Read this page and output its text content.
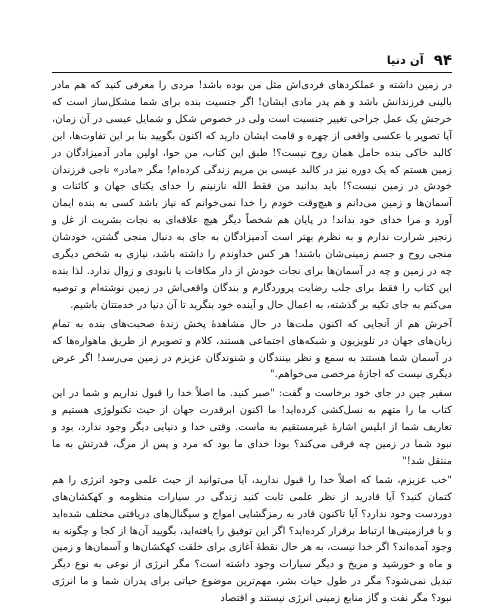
۹۴
آن دنیا

در زمین داشته و عملکردهای فردی‌اش مثل من بوده باشد! مردی را معرفی کنید که هم مادر بالینی فرزندانش باشد و هم پدر مادی ایشان! اگر جنسیت بنده برای شما مشکل‌ساز است که خرجش یک عمل جراحی تغییر جنسیت است ولی در خصوص شکل و شمایل عیسی در آن زمان، آیا تصویر یا عکسی واقعی از چهره و قامت ایشان دارید که اکنون بگویید بنا بر این تفاوت‌ها، این کالبد خاکی بنده حامل همان روح نیست؟! طبق این کتاب، من حوا، اولین مادر آدمیزادگان در زمین هستم که یک دوره نیز در کالبد عیسی بن مریم زندگی کرده‌ام! مگر «مادر» ناجی فرزندان خودش در زمین نیست؟! باید بدانید من فقط الله نازنینم را خدای یکتای جهان و کائنات و آسمان‌ها و زمین می‌دانم و هیچ‌وقت خودم را خدا نمی‌خوانم که نیاز باشد کسی به بنده ایمان آورد و مرا خدای خود بداند! در پایان هم شخصاً دیگر هیچ علاقه‌ای به نجات بشریت از غل و زنجیر شرارت ندارم و به نظرم بهتر است آدمیزادگان به جای به دنبال منجی گشتن، خودشان منجی روح و جسم زمینی‌شان باشند! هر کس خداوندم را داشته باشد، نیازی به شخص دیگری چه در زمین و چه در آسمان‌ها برای نجات خودش از دار مکافات یا نابودی و زوال ندارد. لذا بنده این کتاب را فقط برای جلب رضایت پروردگارم و بندگان واقعی‌اش در زمین نوشته‌ام و توصیه می‌کنم به جای تکیه بر گذشته، به اعمال حال و آینده خود بنگرید تا آن دنیا در خدمتتان باشیم.

آخرش هم از آنجایی که اکنون ملت‌ها در حال مشاهدۀ پخش زندۀ صحبت‌های بنده به تمام زبان‌های جهان در تلویزیون و شبکه‌های اجتماعی هستند، کلام و تصویرم از طریق ماهواره‌ها که در آسمان شما هستند به سمع و نظر بینندگان و شنوندگان عزیزم در زمین می‌رسد! اگر عرض دیگری نیست که اجازۀ مرخصی می‌خواهم."

سفیر چین در جای خود برخاست و گفت: "صبر کنید. ما اصلاً خدا را قبول نداریم و شما در این کتاب ما را متهم به نسل‌کشی کرده‌اید! ما اکنون ابرقدرت جهان از حیث تکنولوژی هستیم و تعاریف شما از ابلیس اشارۀ غیرمستقیم به ماست. وقتی خدا و دنیایی دیگر وجود ندارد، بود و نبود شما در زمین چه فرقی می‌کند؟ بودا خدای ما بود که مرد و پس از مرگ، قدرتش به ما منتقل شد!"

"خب عزیزم، شما که اصلاً خدا را قبول ندارید، آیا می‌توانید از حیث علمی وجود انرژی را هم کتمان کنید؟ آیا قادرید از نظر علمی ثابت کنید زندگی در سیارات منظومه و کهکشان‌های دوردست وجود ندارد؟ آیا تاکنون قادر به رمزگشایی امواج و سیگنال‌های دریافتی مختلف شده‌اید و با فرازمینی‌ها ارتباط برقرار کرده‌اید؟ اگر این توفیق را یافته‌اید، بگویید آن‌ها از کجا و چگونه به وجود آمده‌اند؟ اگر خدا نیست، به هر حال نقطۀ آغازی برای خلقت کهکشان‌ها و آسمان‌ها و زمین و ماه و خورشید و مریخ و دیگر سیارات وجود داشته است؟ مگر انرژی از نوعی به نوع دیگر تبدیل نمی‌شود؟ مگر در طول حیات بشر، مهم‌ترین موضوع حیاتی برای پدران شما و ما انرژی نبود؟ مگر نفت و گاز منابع زمینی انرژی نیستند و اقتصاد
